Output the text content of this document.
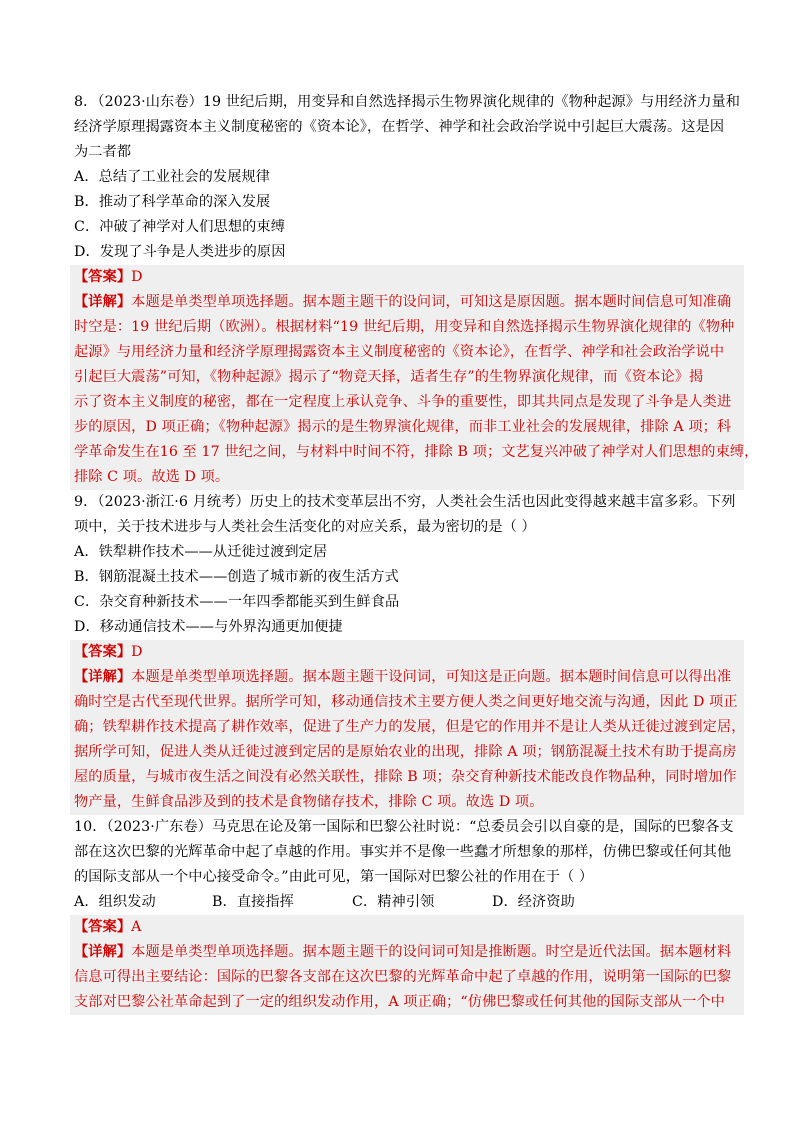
8．（2023·山东卷）19 世纪后期，用变异和自然选择揭示生物界演化规律的《物种起源》与用经济力量和
经济学原理揭露资本主义制度秘密的《资本论》，在哲学、神学和社会政治学说中引起巨大震荡。这是因
为二者都
A．总结了工业社会的发展规律
B．推动了科学革命的深入发展
C．冲破了神学对人们思想的束缚
D．发现了斗争是人类进步的原因
【答案】D
【详解】本题是单类型单项选择题。据本题主题干的设问词，可知这是原因题。据本题时间信息可知准确
时空是：19 世纪后期（欧洲）。根据材料“19 世纪后期，用变异和自然选择揭示生物界演化规律的《物种
起源》与用经济力量和经济学原理揭露资本主义制度秘密的《资本论》，在哲学、神学和社会政治学说中
引起巨大震荡”可知，《物种起源》揭示了“物竞天择，适者生存”的生物界演化规律，而《资本论》揭
示了资本主义制度的秘密，都在一定程度上承认竞争、斗争的重要性，即其共同点是发现了斗争是人类进
步的原因，D 项正确；《物种起源》揭示的是生物界演化规律，而非工业社会的发展规律，排除 A 项；科
学革命发生在16 至 17 世纪之间，与材料中时间不符，排除 B 项；文艺复兴冲破了神学对人们思想的束缚，
排除 C 项。故选 D 项。
9．（2023·浙江·6 月统考）历史上的技术变革层出不穷，人类社会生活也因此变得越来越丰富多彩。下列
项中，关于技术进步与人类社会生活变化的对应关系，最为密切的是（ ）
A．铁犁耕作技术——从迁徙过渡到定居
B．钢筋混凝土技术——创造了城市新的夜生活方式
C．杂交育种新技术——一年四季都能买到生鲜食品
D．移动通信技术——与外界沟通更加便捷
【答案】D
【详解】本题是单类型单项选择题。据本题主题干设问词，可知这是正向题。据本题时间信息可以得出准
确时空是古代至现代世界。据所学可知，移动通信技术主要方便人类之间更好地交流与沟通，因此 D 项正
确；铁犁耕作技术提高了耕作效率，促进了生产力的发展，但是它的作用并不是让人类从迁徙过渡到定居，
据所学可知，促进人类从迁徙过渡到定居的是原始农业的出现，排除 A 项；钢筋混凝土技术有助于提高房
屋的质量，与城市夜生活之间没有必然关联性，排除 B 项；杂交育种新技术能改良作物品种，同时增加作
物产量，生鲜食品涉及到的技术是食物储存技术，排除 C 项。故选 D 项。
10．（2023·广东卷）马克思在论及第一国际和巴黎公社时说：“总委员会引以自豪的是，国际的巴黎各支
部在这次巴黎的光辉革命中起了卓越的作用。事实并不是像一些蠢才所想象的那样，仿佛巴黎或任何其他
的国际支部从一个中心接受命令。”由此可见，第一国际对巴黎公社的作用在于（ ）
A．组织发动	B．直接指挥	C．精神引领	D．经济资助
【答案】A
【详解】本题是单类型单项选择题。据本题主题干的设问词可知是推断题。时空是近代法国。据本题材料
信息可得出主要结论：国际的巴黎各支部在这次巴黎的光辉革命中起了卓越的作用，说明第一国际的巴黎
支部对巴黎公社革命起到了一定的组织发动作用，A 项正确；“仿佛巴黎或任何其他的国际支部从一个中
